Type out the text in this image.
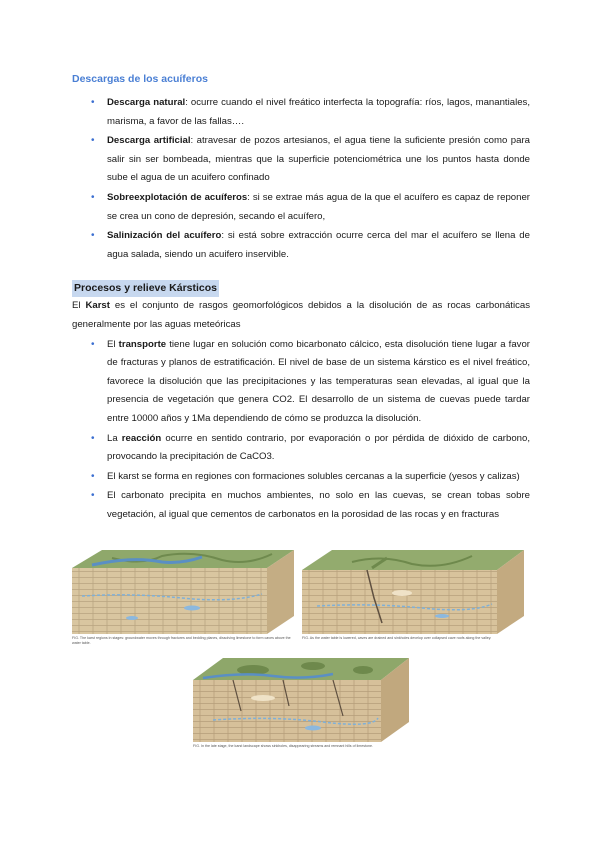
Descargas de los acuíferos
• Descarga natural: ocurre cuando el nivel freático interfecta la topografía: ríos, lagos, manantiales, marisma, a favor de las fallas….
• Descarga artificial: atravesar de pozos artesianos, el agua tiene la suficiente presión como para salir sin ser bombeada, mientras que la superficie potenciométrica une los puntos hasta donde sube el agua de un acuifero confinado
• Sobreexplotación de acuíferos: si se extrae más agua de la que el acuífero es capaz de reponer se crea un cono de depresión, secando el acuífero,
• Salinización del acuífero: si está sobre extracción ocurre cerca del mar el acuífero se llena de agua salada, siendo un acuifero inservible.
Procesos y relieve Kársticos

El Karst es el conjunto de rasgos geomorfológicos debidos a la disolución de as rocas carbonáticas generalmente por las aguas meteóricas

• El transporte tiene lugar en solución como bicarbonato cálcico, esta disolución tiene lugar a favor de fracturas y planos de estratificación. El nivel de base de un sistema kárstico es el nivel freático, favorece la disolución que las precipitaciones y las temperaturas sean elevadas, al igual que la presencia de vegetación que genera CO2. El desarrollo de un sistema de cuevas puede tardar entre 10000 años y 1Ma dependiendo de cómo se produzca la disolución.
• La reacción ocurre en sentido contrario, por evaporación o por pérdida de dióxido de carbono, provocando la precipitación de CaCO3.
• El karst se forma en regiones con formaciones solubles cercanas a la superficie (yesos y calizas)
• El carbonato precipita en muchos ambientes, no solo en las cuevas, se crean tobas sobre vegetación, al igual que cementos de carbonatos en la porosidad de las rocas y en fracturas
FIG. The karst regions in stages: groundwater moves through fractures and bedding planes, dissolving limestone to form caves above the water table.
FIG. As the water table is lowered, caves are drained and sinkholes develop over collapsed cave roofs along the valley.
FIG. In the late stage, the karst landscape shows sinkholes, disappearing streams and remnant hills of limestone.
